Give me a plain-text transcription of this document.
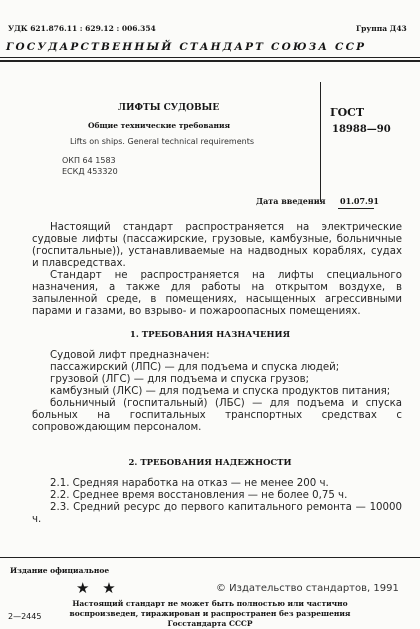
УДК 621.876.11 : 629.12 : 006.354	Группа Д43
ГОСУДАРСТВЕННЫЙ СТАНДАРТ СОЮЗА ССР
ЛИФТЫ СУДОВЫЕ
Общие технические требования
Lifts on ships. General technical requirements
ГОСТ
18988—90
ОКП 64 1583
ЕСКД 453320
Дата введения 01.07.91

Настоящий стандарт распространяется на электрические судовые лифты (пассажирские, грузовые, камбузные, больничные (госпитальные)), устанавливаемые на надводных кораблях, судах и плавсредствах.

Стандарт не распространяется на лифты специального назначения, а также для работы на открытом воздухе, в запыленной среде, в помещениях, насыщенных агрессивными парами и газами, во взрыво- и пожароопасных помещениях.

1. ТРЕБОВАНИЯ НАЗНАЧЕНИЯ

Судовой лифт предназначен:

пассажирский (ЛПС) — для подъема и спуска людей;

грузовой (ЛГС) — для подъема и спуска грузов;

камбузный (ЛКС) — для подъема и спуска продуктов питания;

больничный (госпитальный) (ЛБС) — для подъема и спуска больных на госпитальных транспортных средствах с сопровождающим персоналом.

2. ТРЕБОВАНИЯ НАДЕЖНОСТИ

2.1. Средняя наработка на отказ — не менее 200 ч.

2.2. Среднее время восстановления — не более 0,75 ч.

2.3. Средний ресурс до первого капитального ремонта — 10000 ч.

Издание официальное
★ ★	© Издательство стандартов, 1991
Настоящий стандарт не может быть полностью или частично
воспроизведен, тиражирован и распространен без разрешения
Госстандарта СССР
2—2445
